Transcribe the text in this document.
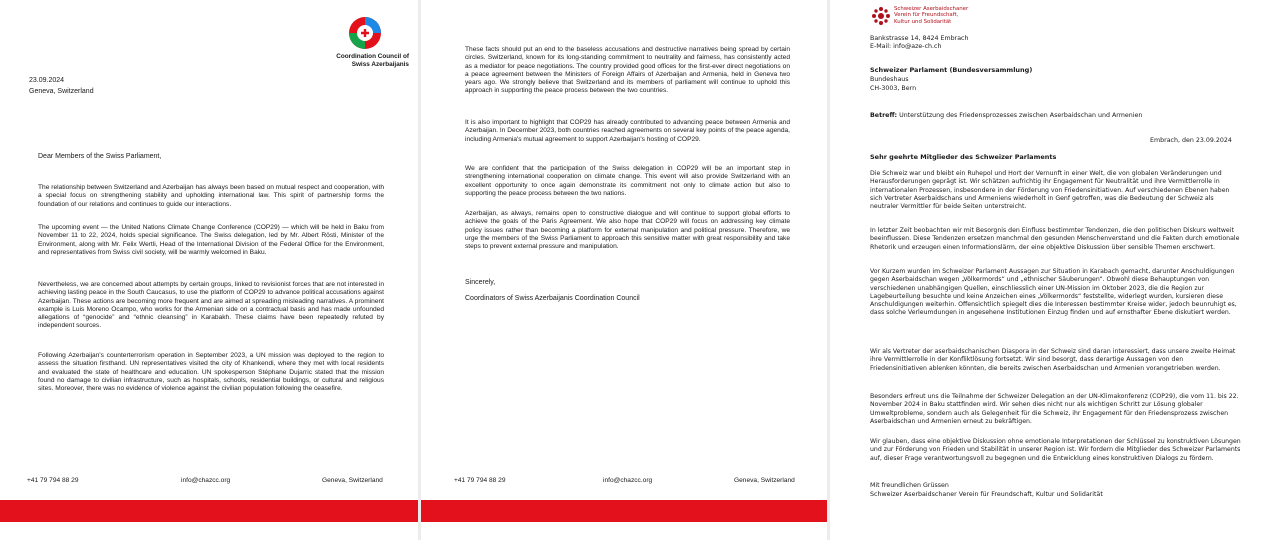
Coordination Council of
Swiss Azerbaijanis

23.09.2024

Geneva, Switzerland

Dear Members of the Swiss Parliament,

The relationship between Switzerland and Azerbaijan has always been based on mutual respect and cooperation, with a special focus on strengthening stability and upholding international law. This spirit of partnership forms the foundation of our relations and continues to guide our interactions.

The upcoming event — the United Nations Climate Change Conference (COP29) — which will be held in Baku from November 11 to 22, 2024, holds special significance. The Swiss delegation, led by Mr. Albert Rösti, Minister of the Environment, along with Mr. Felix Wertli, Head of the International Division of the Federal Office for the Environment, and representatives from Swiss civil society, will be warmly welcomed in Baku.

Nevertheless, we are concerned about attempts by certain groups, linked to revisionist forces that are not interested in achieving lasting peace in the South Caucasus, to use the platform of COP29 to advance political accusations against Azerbaijan. These actions are becoming more frequent and are aimed at spreading misleading narratives. A prominent example is Luis Moreno Ocampo, who works for the Armenian side on a contractual basis and has made unfounded allegations of “genocide” and “ethnic cleansing” in Karabakh. These claims have been repeatedly refuted by independent sources.

Following Azerbaijan's counterterrorism operation in September 2023, a UN mission was deployed to the region to assess the situation firsthand. UN representatives visited the city of Khankendi, where they met with local residents and evaluated the state of healthcare and education. UN spokesperson Stéphane Dujarric stated that the mission found no damage to civilian infrastructure, such as hospitals, schools, residential buildings, or cultural and religious sites. Moreover, there was no evidence of violence against the civilian population following the ceasefire.

+41 79 794 88 29	info@chazcc.org	Geneva, Switzerland

These facts should put an end to the baseless accusations and destructive narratives being spread by certain circles. Switzerland, known for its long-standing commitment to neutrality and fairness, has consistently acted as a mediator for peace negotiations. The country provided good offices for the first-ever direct negotiations on a peace agreement between the Ministers of Foreign Affairs of Azerbaijan and Armenia, held in Geneva two years ago. We strongly believe that Switzerland and its members of parliament will continue to uphold this approach in supporting the peace process between the two countries.

It is also important to highlight that COP29 has already contributed to advancing peace between Armenia and Azerbaijan. In December 2023, both countries reached agreements on several key points of the peace agenda, including Armenia's mutual agreement to support Azerbaijan's hosting of COP29.

We are confident that the participation of the Swiss delegation in COP29 will be an important step in strengthening international cooperation on climate change. This event will also provide Switzerland with an excellent opportunity to once again demonstrate its commitment not only to climate action but also to supporting the peace process between the two nations.

Azerbaijan, as always, remains open to constructive dialogue and will continue to support global efforts to achieve the goals of the Paris Agreement. We also hope that COP29 will focus on addressing key climate policy issues rather than becoming a platform for external manipulation and political pressure. Therefore, we urge the members of the Swiss Parliament to approach this sensitive matter with great responsibility and take steps to prevent external pressure and manipulation.

Sincerely,

Coordinators of Swiss Azerbaijanis Coordination Council

+41 79 794 88 29	info@chazcc.org	Geneva, Switzerland
Schweizer Aserbaidschaner
Verein für Freundschaft,
Kultur und Solidarität

Bankstrasse 14, 8424 Embrach

E-Mail: info@aze-ch.ch

Schweizer Parlament (Bundesversammlung)

Bundeshaus

CH-3003, Bern

Betreff: Unterstützung des Friedensprozesses zwischen Aserbaidschan und Armenien

Embrach, den 23.09.2024

Sehr geehrte Mitglieder des Schweizer Parlaments

Die Schweiz war und bleibt ein Ruhepol und Hort der Vernunft in einer Welt, die von globalen Veränderungen und Herausforderungen geprägt ist. Wir schätzen aufrichtig ihr Engagement für Neutralität und ihre Vermittlerrolle in internationalen Prozessen, insbesondere in der Förderung von Friedensinitiativen. Auf verschiedenen Ebenen haben sich Vertreter Aserbaidschans und Armeniens wiederholt in Genf getroffen, was die Bedeutung der Schweiz als neutraler Vermittler für beide Seiten unterstreicht.

In letzter Zeit beobachten wir mit Besorgnis den Einfluss bestimmter Tendenzen, die den politischen Diskurs weltweit beeinflussen. Diese Tendenzen ersetzen manchmal den gesunden Menschenverstand und die Fakten durch emotionale Rhetorik und erzeugen einen Informationslärm, der eine objektive Diskussion über sensible Themen erschwert.

Vor Kurzem wurden im Schweizer Parlament Aussagen zur Situation in Karabach gemacht, darunter Anschuldigungen gegen Aserbaidschan wegen „Völkermords“ und „ethnischer Säuberungen“. Obwohl diese Behauptungen von verschiedenen unabhängigen Quellen, einschliesslich einer UN-Mission im Oktober 2023, die die Region zur Lagebeurteilung besuchte und keine Anzeichen eines „Völkermords“ feststellte, widerlegt wurden, kursieren diese Anschuldigungen weiterhin. Offensichtlich spiegelt dies die Interessen bestimmter Kreise wider, jedoch beunruhigt es, dass solche Verleumdungen in angesehene Institutionen Einzug finden und auf ernsthafter Ebene diskutiert werden.

Wir als Vertreter der aserbaidschanischen Diaspora in der Schweiz sind daran interessiert, dass unsere zweite Heimat ihre Vermittlerrolle in der Konfliktlösung fortsetzt. Wir sind besorgt, dass derartige Aussagen von den Friedensinitiativen ablenken könnten, die bereits zwischen Aserbaidschan und Armenien vorangetrieben werden.

Besonders erfreut uns die Teilnahme der Schweizer Delegation an der UN-Klimakonferenz (COP29), die vom 11. bis 22. November 2024 in Baku stattfinden wird. Wir sehen dies nicht nur als wichtigen Schritt zur Lösung globaler Umweltprobleme, sondern auch als Gelegenheit für die Schweiz, ihr Engagement für den Friedensprozess zwischen Aserbaidschan und Armenien erneut zu bekräftigen.

Wir glauben, dass eine objektive Diskussion ohne emotionale Interpretationen der Schlüssel zu konstruktiven Lösungen und zur Förderung von Frieden und Stabilität in unserer Region ist. Wir fordern die Mitglieder des Schweizer Parlaments auf, dieser Frage verantwortungsvoll zu begegnen und die Entwicklung eines konstruktiven Dialogs zu fördern.

Mit freundlichen Grüssen

Schweizer Aserbaidschaner Verein für Freundschaft, Kultur und Solidarität
